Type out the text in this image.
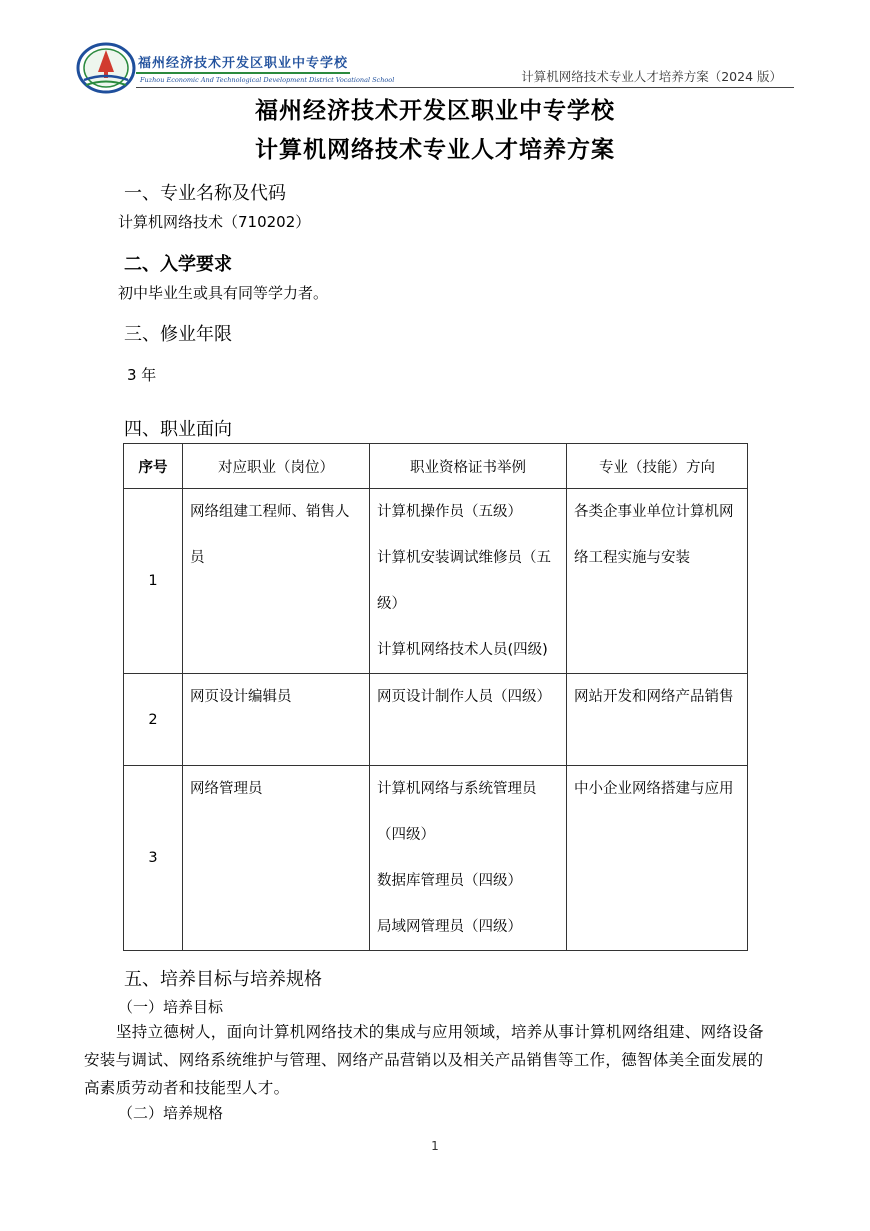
福州经济技术开发区职业中专学校
Fuzhou Economic And Technological Development District Vocational School	计算机网络技术专业人才培养方案（2024 版）
福州经济技术开发区职业中专学校
计算机网络技术专业人才培养方案
一、专业名称及代码
计算机网络技术（710202）
二、入学要求
初中毕业生或具有同等学力者。
三、修业年限
3 年
四、职业面向
序号	对应职业（岗位）	职业资格证书举例	专业（技能）方向
1	网络组建工程师、销售人员	计算机操作员（五级）
计算机安装调试维修员（五级）
计算机网络技术人员(四级)	各类企事业单位计算机网络工程实施与安装

2	网页设计编辑员	网页设计制作人员（四级）	网站开发和网络产品销售

3	网络管理员	计算机网络与系统管理员（四级）
数据库管理员（四级）
局域网管理员（四级）	中小企业网络搭建与应用
五、培养目标与培养规格
（一）培养目标
坚持立德树人，面向计算机网络技术的集成与应用领域，培养从事计算机网络组建、网络设备安装与调试、网络系统维护与管理、网络产品营销以及相关产品销售等工作，德智体美全面发展的高素质劳动者和技能型人才。
（二）培养规格
1
